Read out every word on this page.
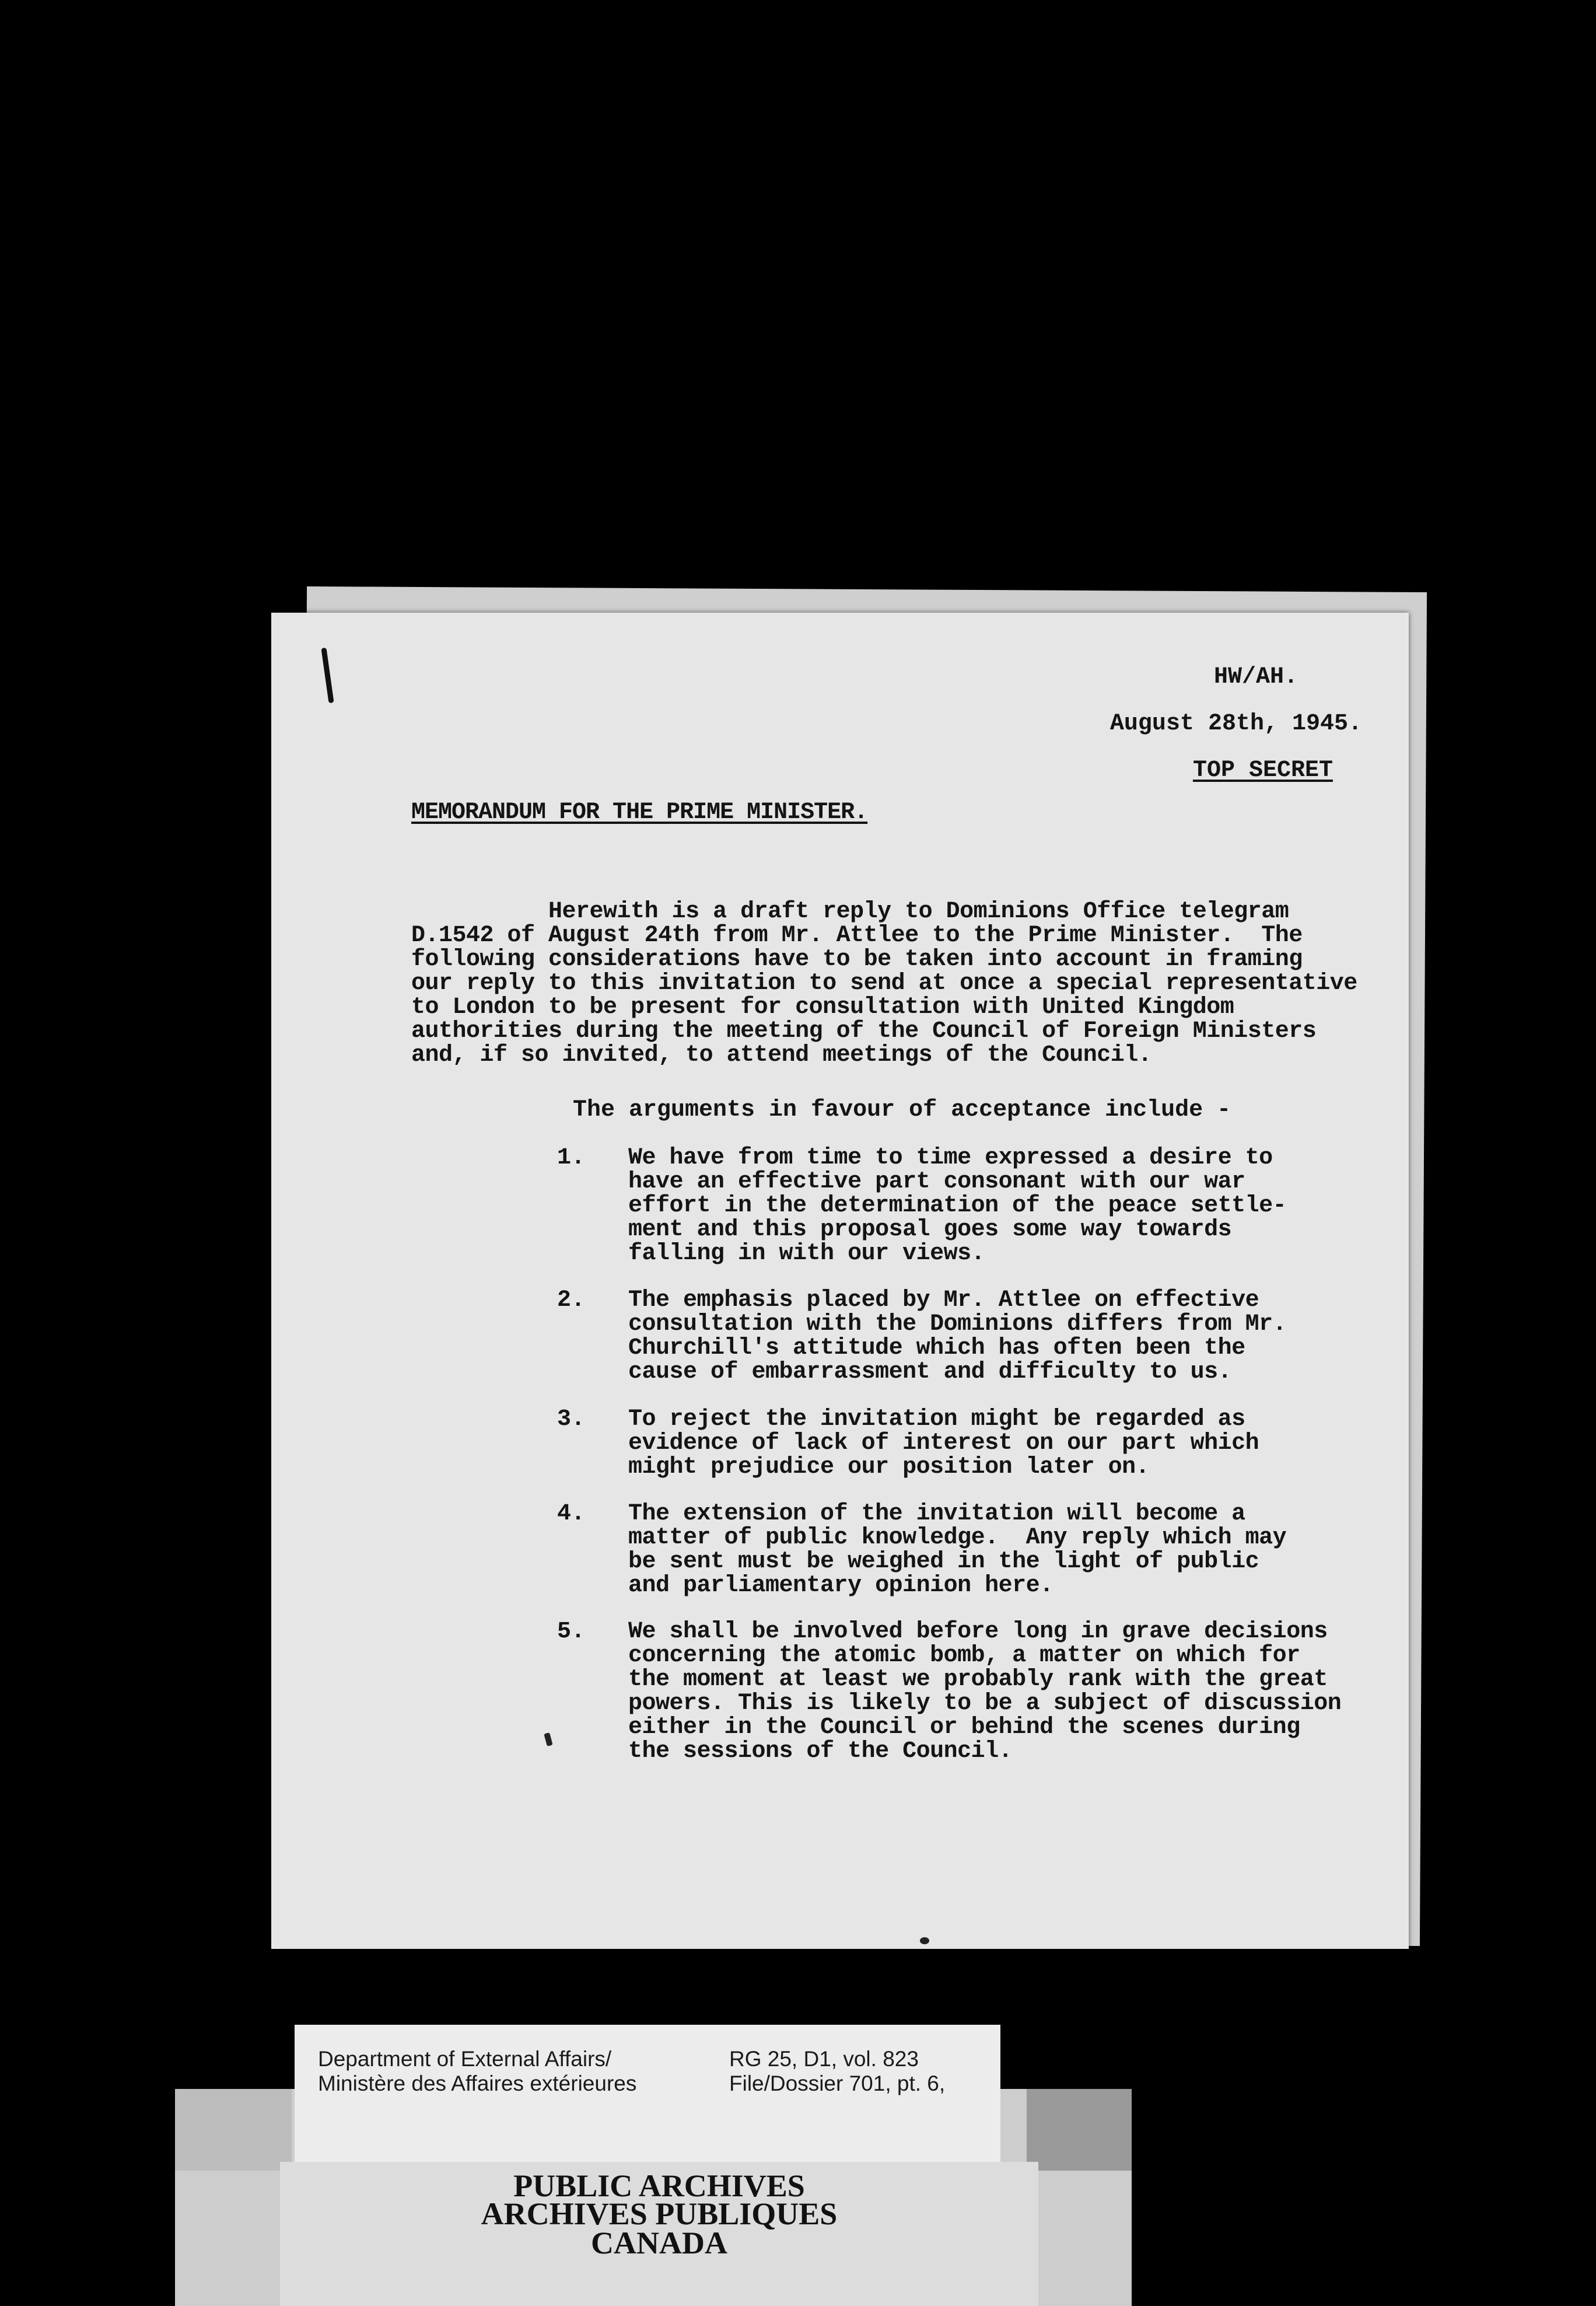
HW/AH.
August 28th, 1945.
TOP SECRET
MEMORANDUM FOR THE PRIME MINISTER.
Herewith is a draft reply to Dominions Office telegram
D.1542 of August 24th from Mr. Attlee to the Prime Minister.  The
following considerations have to be taken into account in framing
our reply to this invitation to send at once a special representative
to London to be present for consultation with United Kingdom
authorities during the meeting of the Council of Foreign Ministers
and, if so invited, to attend meetings of the Council.
The arguments in favour of acceptance include -
1.	We have from time to time expressed a desire to
have an effective part consonant with our war
effort in the determination of the peace settle-
ment and this proposal goes some way towards
falling in with our views.
2.	The emphasis placed by Mr. Attlee on effective
consultation with the Dominions differs from Mr.
Churchill's attitude which has often been the
cause of embarrassment and difficulty to us.
3.	To reject the invitation might be regarded as
evidence of lack of interest on our part which
might prejudice our position later on.
4.	The extension of the invitation will become a
matter of public knowledge.  Any reply which may
be sent must be weighed in the light of public
and parliamentary opinion here.
5.	We shall be involved before long in grave decisions
concerning the atomic bomb, a matter on which for
the moment at least we probably rank with the great
powers. This is likely to be a subject of discussion
either in the Council or behind the scenes during
the sessions of the Council.
Department of External Affairs/
Ministère des Affaires extérieures
RG 25, D1, vol. 823
File/Dossier 701, pt. 6,
PUBLIC ARCHIVES
ARCHIVES PUBLIQUES
CANADA
